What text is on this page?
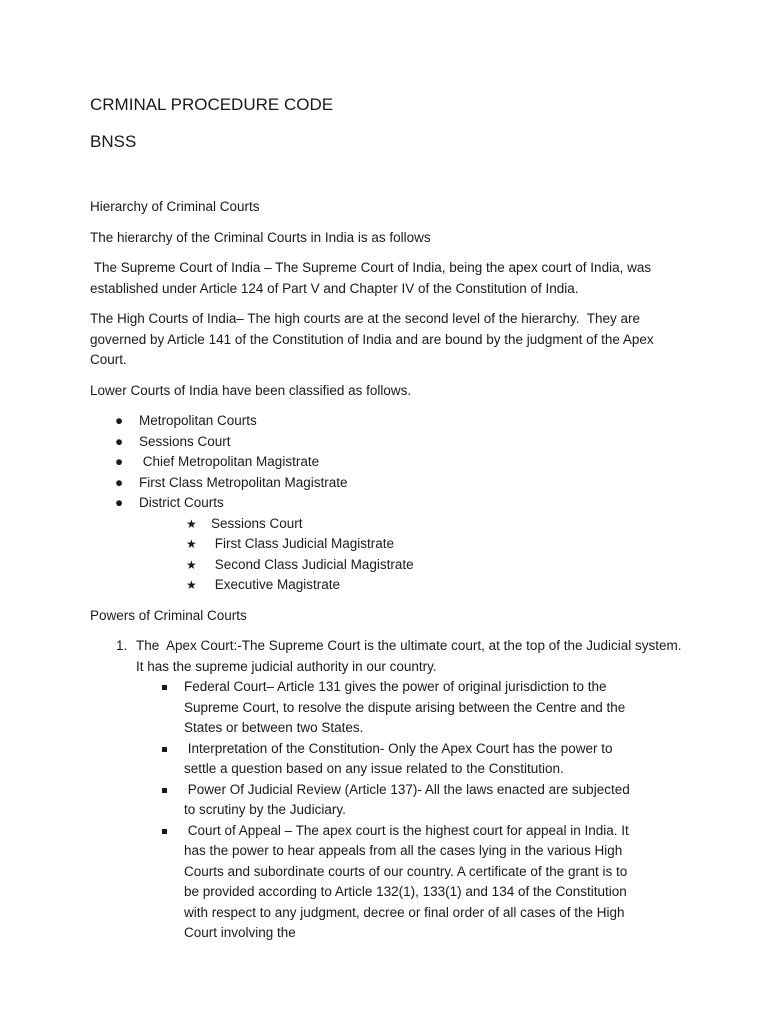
CRMINAL PROCEDURE CODE
BNSS

Hierarchy of Criminal Courts

The hierarchy of the Criminal Courts in India is as follows

The Supreme Court of India – The Supreme Court of India, being the apex court of India, was established under Article 124 of Part V and Chapter IV of the Constitution of India.

The High Courts of India– The high courts are at the second level of the hierarchy.  They are governed by Article 141 of the Constitution of India and are bound by the judgment of the Apex Court.

Lower Courts of India have been classified as follows.

● Metropolitan Courts
● Sessions Court
● Chief Metropolitan Magistrate
● First Class Metropolitan Magistrate
● District Courts
★ Sessions Court
★ First Class Judicial Magistrate
★ Second Class Judicial Magistrate
★ Executive Magistrate

Powers of Criminal Courts

1. The  Apex Court:-The Supreme Court is the ultimate court, at the top of the Judicial system. It has the supreme judicial authority in our country.
Federal Court– Article 131 gives the power of original jurisdiction to the Supreme Court, to resolve the dispute arising between the Centre and the States or between two States.
Interpretation of the Constitution- Only the Apex Court has the power to settle a question based on any issue related to the Constitution.
Power Of Judicial Review (Article 137)- All the laws enacted are subjected to scrutiny by the Judiciary.
Court of Appeal – The apex court is the highest court for appeal in India. It has the power to hear appeals from all the cases lying in the various High Courts and subordinate courts of our country. A certificate of the grant is to be provided according to Article 132(1), 133(1) and 134 of the Constitution with respect to any judgment, decree or final order of all cases of the High Court involving the
